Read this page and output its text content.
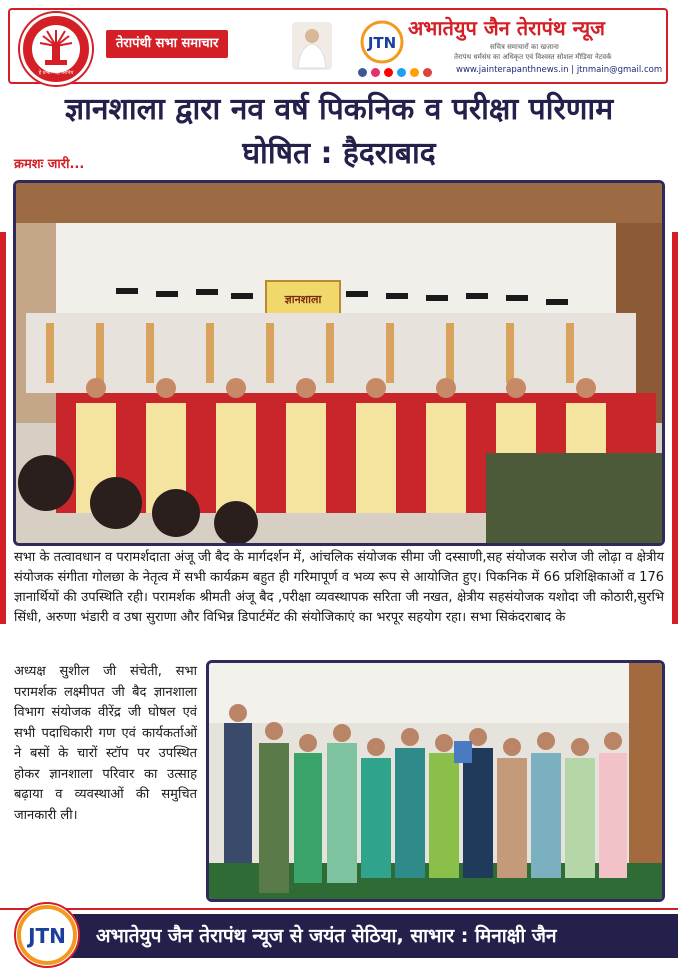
हे प्रभो! यह तेरापंथ
तेरापंथी सभा समाचार	JTN
अभातेयुप जैन तेरापंथ न्यूज
सचित्र समाचारों का खजाना
तेरापंथ धर्मसंघ का अधिकृत एवं विश्वस्त सोशल मीडिया नेटवर्क
www.jainterapanthnews.in | jtnmain@gmail.com
ज्ञानशाला द्वारा नव वर्ष पिकनिक व परीक्षा परिणाम
घोषित : हैदराबाद
क्रमशः जारी...
ज्ञानशाला
सभा के तत्वावधान व परामर्शदाता अंजू जी बैद के मार्गदर्शन में, आंचलिक संयोजक सीमा जी दस्साणी,सह संयोजक सरोज जी लोढ़ा व क्षेत्रीय संयोजक संगीता गोलछा के नेतृत्व में सभी कार्यक्रम बहुत ही गरिमापूर्ण व भव्य रूप से आयोजित हुए। पिकनिक में 66 प्रशिक्षिकाओं व 176 ज्ञानार्थियों की उपस्थिति रही। परामर्शक श्रीमती अंजू बैद ,परीक्षा व्यवस्थापक सरिता जी नखत, क्षेत्रीय सहसंयोजक यशोदा जी कोठारी,सुरभि सिंधी, अरुणा भंडारी व उषा सुराणा और विभिन्न डिपार्टमेंट की संयोजिकाएं का भरपूर सहयोग रहा। सभा सिकंदराबाद के
अध्यक्ष सुशील जी संचेती, सभा परामर्शक लक्ष्मीपत जी बैद ज्ञानशाला विभाग संयोजक वीरेंद्र जी घोषल एवं सभी पदाधिकारी गण एवं कार्यकर्ताओं ने बसों के चारों स्टॉप पर उपस्थित होकर ज्ञानशाला परिवार का उत्साह बढ़ाया व व्यवस्थाओं की समुचित जानकारी ली।
JTN अभातेयुप जैन तेरापंथ न्यूज से जयंत सेठिया, साभार : मिनाक्षी जैन
